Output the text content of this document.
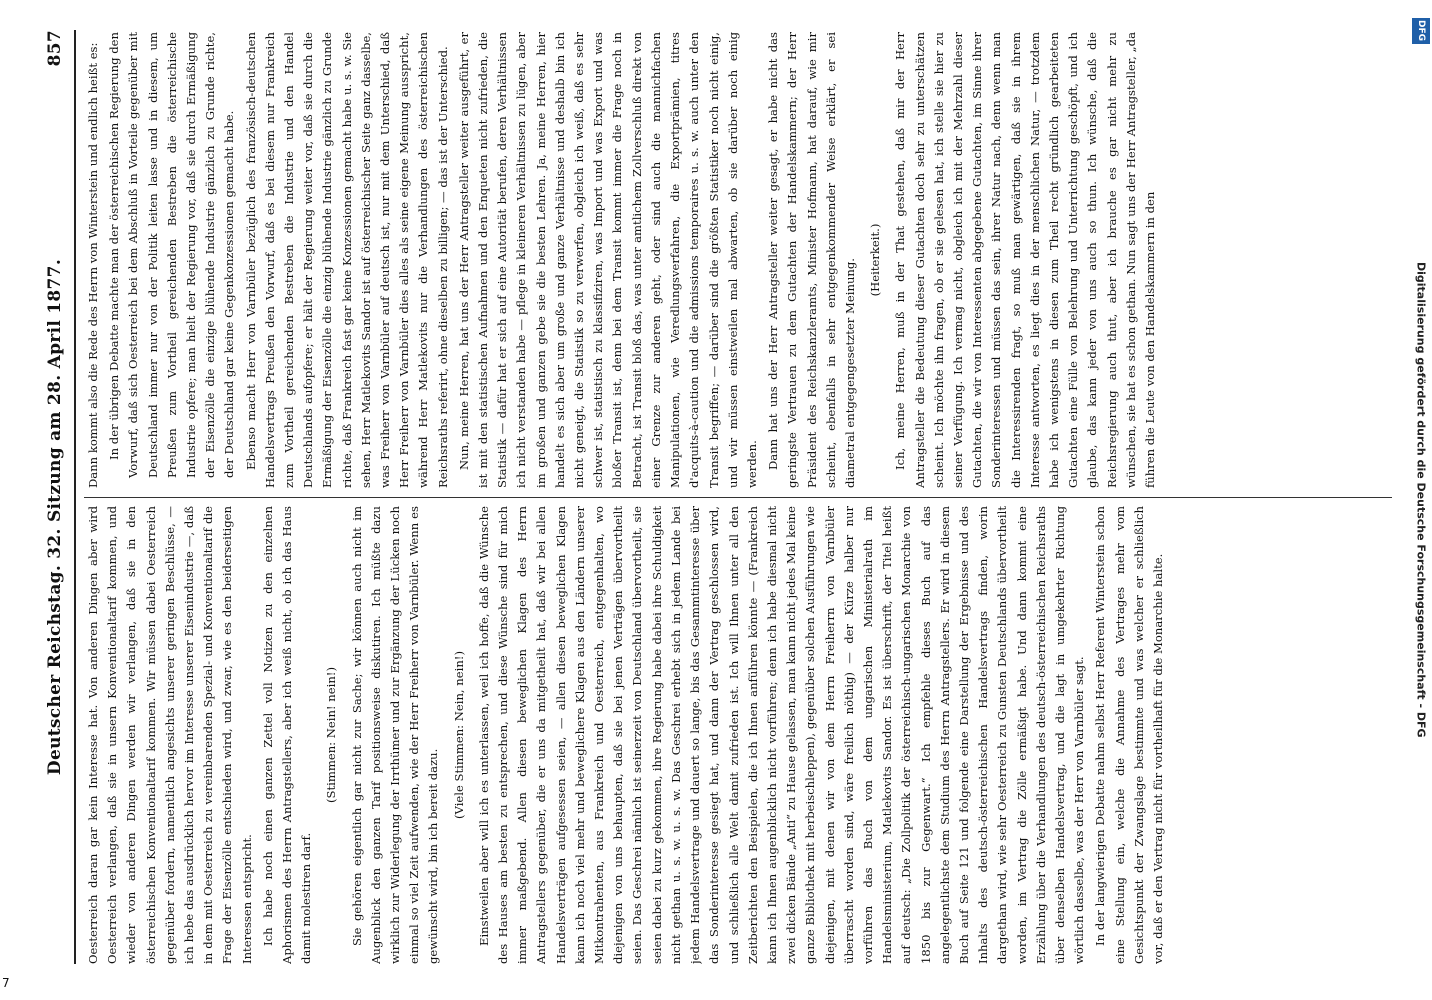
Deutscher Reichstag. 32. Sitzung am 28. April 1877.
857

Oesterreich daran gar kein Interesse hat. Von anderen Dingen aber wird Oesterreich verlangen, daß sie in unsern Konventionaltarif kommen, und wieder von anderen Dingen werden wir verlangen, daß sie in den österreichischen Konventionaltarif kommen. Wir müssen dabei Oesterreich gegenüber fordern, namentlich angesichts unserer geringen Beschlüsse, — ich hebe das ausdrücklich hervor im Interesse unserer Eisenindustrie —, daß in dem mit Oesterreich zu vereinbarenden Spezial- und Konventionaltarif die Frage der Eisenzölle entschieden wird, und zwar, wie es den beiderseitigen Interessen entspricht. Ich habe noch einen ganzen Zettel voll Notizen zu den einzelnen Aphorismen des Herrn Antragstellers, aber ich weiß nicht, ob ich das Haus damit molestiren darf.

(Stimmen: Nein! nein!) Sie gehören eigentlich gar nicht zur Sache; wir können auch nicht im Augenblick den ganzen Tarif positionsweise diskutiren. Ich müßte dazu wirklich zur Widerlegung der Irrthümer und zur Ergänzung der Lücken noch einmal so viel Zeit aufwenden, wie der Herr Freiherr von Varnbüler. Wenn es gewünscht wird, bin ich bereit dazu.

(Viele Stimmen: Nein, nein!) Einstweilen aber will ich es unterlassen, weil ich hoffe, daß die Wünsche des Hauses am besten zu entsprechen, und diese Wünsche sind für mich immer maßgebend. Allen diesen beweglichen Klagen des Herrn Antragstellers gegenüber, die er uns da mitgetheilt hat, daß wir bei allen Handelsverträgen aufgesessen seien, — allen diesen beweglichen Klagen kann ich noch viel mehr und beweglichere Klagen aus den Ländern unserer Mitkontrahenten, aus Frankreich und Oesterreich, entgegenhalten, wo diejenigen von uns behaupten, daß sie bei jenen Verträgen übervortheilt seien. Das Geschrei nämlich ist seinerzeit von Deutschland übervortheilt, sie seien dabei zu kurz gekommen, ihre Regierung habe dabei ihre Schuldigkeit nicht gethan u. s. w. u. s. w. Das Geschrei erhebt sich in jedem Lande bei jedem Handelsvertrage und dauert so lange, bis das Gesammtinteresse über das Sonderinteresse gesiegt hat, und dann der Vertrag geschlossen wird, und schließlich alle Welt damit zufrieden ist. Ich will Ihnen unter all den Zeitberichten den Beispielen, die ich Ihnen anführen könnte — (Frankreich kann ich Ihnen augenblicklich nicht vorführen; denn ich habe diesmal nicht zwei dicken Bände „Anti“ zu Hause gelassen, man kann nicht jedes Mal keine ganze Bibliothek mit herbeischleppen), gegenüber solchen Ausführungen wie diejenigen, mit denen wir von dem Herrn Freiherrn von Varnbüler überrascht worden sind, wäre freilich nöthig) — der Kürze halber nur vorführen das Buch von dem ungarischen Ministerialrath im Handelsministerium, Matlekovits Sandor. Es ist überschrift, der Titel heißt auf deutsch: „Die Zollpolitik der österreichisch-ungarischen Monarchie von 1850 bis zur Gegenwart.“ Ich empfehle dieses Buch auf das angelegentlichste dem Studium des Herrn Antragstellers. Er wird in diesem Buch auf Seite 121 und folgende eine Darstellung der Ergebnisse und des Inhalts des deutsch-österreichischen Handelsvertrags finden, worin dargethan wird, wie sehr Oesterreich zu Gunsten Deutschlands übervortheilt worden, im Vertrag die Zölle ermäßigt habe. Und dann kommt eine Erzählung über die Verhandlungen des deutsch-österreichischen Reichsraths über denselben Handelsvertrag, und die lagt in umgekehrter Richtung wörtlich dasselbe, was der Herr von Varnbüler sagt. In der langwierigen Debatte nahm selbst Herr Referent Winterstein schon eine Stellung ein, welche die Annahme des Vertrages mehr vom Gesichtspunkt der Zwangslage bestimmte und was welcher er schließlich vor, daß er den Vertrag nicht für vortheilhaft für die Monarchie halte.

Dann kommt also die Rede des Herrn von Winterstein und endlich heißt es: In der übrigen Debatte machte man der österreichischen Regierung den Vorwurf, daß sich Oesterreich bei dem Abschluß in Vorteile gegenüber mit Deutschland immer nur von der Politik leiten lasse und in diesem, um Preußen zum Vortheil gereichenden Bestreben die österreichische Industrie opfere; man hielt der Regierung vor, daß sie durch Ermäßigung der Eisenzölle die einzige blühende Industrie gänzlich zu Grunde richte, der Deutschland gar keine Gegenkonzessionen gemacht habe. Ebenso macht Herr von Varnbüler bezüglich des französisch-deutschen Handelsvertrags Preußen den Vorwurf, daß es bei diesem nur Frankreich zum Vortheil gereichenden Bestreben die Industrie und den Handel Deutschlands aufopfere; er hält der Regierung weiter vor, daß sie durch die Ermäßigung der Eisenzölle die einzig blühende Industrie gänzlich zu Grunde richte, daß Frankreich fast gar keine Konzessionen gemacht habe u. s. w. Sie sehen, Herr Matlekovits Sandor ist auf österreichischer Seite ganz dasselbe, was Freiherr von Varnbüler auf deutsch ist, nur mit dem Unterschied, daß Herr Freiherr von Varnbüler dies alles als seine eigene Meinung ausspricht, während Herr Matlekovits nur die Verhandlungen des österreichischen Reichsraths referirt, ohne dieselben zu billigen; — das ist der Unterschied. Nun, meine Herren, hat uns der Herr Antragsteller weiter ausgeführt, er ist mit den statistischen Aufnahmen und den Enqueten nicht zufrieden, die Statistik — dafür hat er sich auf eine Autorität berufen, deren Verhältnissen ich nicht verstanden habe — pflege in kleineren Verhältnissen zu lügen, aber im großen und ganzen gebe sie die besten Lehren. Ja, meine Herren, hier handelt es sich aber um große und ganze Verhältnisse und deshalb bin ich nicht geneigt, die Statistik so zu verwerfen, obgleich ich weiß, daß es sehr schwer ist, statistisch zu klassifiziren, was Import und was Export und was bloßer Transit ist, denn bei dem Transit kommt immer die Frage noch in Betracht, ist Transit bloß das, was unter amtlichem Zollverschluß direkt von einer Grenze zur anderen geht, oder sind auch die mannichfachen Manipulationen, wie Veredlungsverfahren, die Exportprämien, titres d'acquits-à-caution und die admissions temporaires u. s. w. auch unter den Transit begriffen; — darüber sind die größten Statistiker noch nicht einig, und wir müssen einstweilen mal abwarten, ob sie darüber noch einig werden. Dann hat uns der Herr Antragsteller weiter gesagt, er habe nicht das geringste Vertrauen zu dem Gutachten der Handelskammern; der Herr Präsident des Reichskanzleramts, Minister Hofmann, hat darauf, wie mir scheint, ebenfalls in sehr entgegenkommender Weise erklärt, er sei diametral entgegengesetzter Meinung. (Heiterkeit.) Ich, meine Herren, muß in der That gestehen, daß mir der Herr Antragsteller die Bedeutung dieser Gutachten doch sehr zu unterschätzen scheint. Ich möchte ihn fragen, ob er sie gelesen hat, ich stelle sie hier zu seiner Verfügung. Ich vermag nicht, obgleich ich mit der Mehrzahl dieser Gutachten, die wir von Interessenten abgegebene Gutachten, im Sinne ihrer Sonderinteressen und müssen das sein, ihrer Natur nach, denn wenn man die Interessirenden fragt, so muß man gewärtigen, daß sie in ihrem Interesse antworten, es liegt dies in der menschlichen Natur, — trotzdem habe ich wenigstens in diesen zum Theil recht gründlich gearbeiteten Gutachten eine Fülle von Belehrung und Unterrichtung geschöpft, und ich glaube, das kann jeder von uns auch so thun. Ich wünsche, daß die Reichsregierung auch thut, aber ich brauche es gar nicht mehr zu wünschen, sie hat es schon gethan. Nun sagt uns der Herr Antragsteller, „da führen die Leute von den Handelskammern in den	Digitalisierung gefördert durch die Deutsche Forschungsgemeinschaft - DFG
DFG
7
